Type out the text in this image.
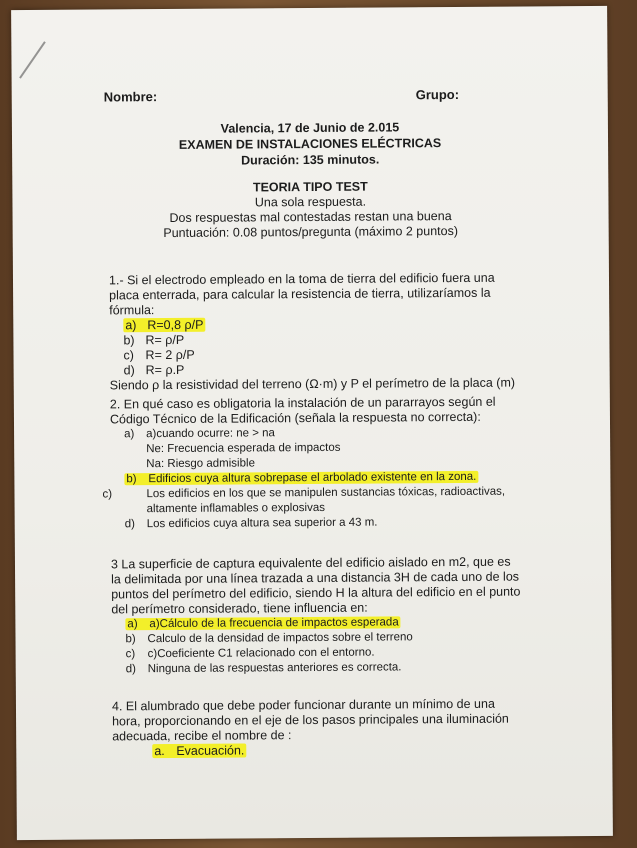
Nombre:	Grupo:
Valencia, 17 de Junio de 2.015
EXAMEN DE INSTALACIONES ELÉCTRICAS
Duración: 135 minutos.
TEORIA TIPO TEST
Una sola respuesta.
Dos respuestas mal contestadas restan una buena
Puntuación: 0.08 puntos/pregunta (máximo 2 puntos)

1.- Si el electrodo empleado en la toma de tierra del edificio fuera una placa enterrada, para calcular la resistencia de tierra, utilizaríamos la fórmula:

a) R=0,8 ρ/P
b) R= ρ/P
c) R= 2 ρ/P
d) R= ρ.P

Siendo ρ la resistividad del terreno (Ω·m) y P el perímetro de la placa (m)

2. En qué caso es obligatoria la instalación de un pararrayos según el Código Técnico de la Edificación (señala la respuesta no correcta):

a) a)cuando ocurre: ne > na
Ne: Frecuencia esperada de impactos
Na: Riesgo admisible
b) Edificios cuya altura sobrepase el arbolado existente en la zona.
c)	Los edificios en los que se manipulen sustancias tóxicas, radioactivas, altamente inflamables o explosivas
d) Los edificios cuya altura sea superior a 43 m.

3 La superficie de captura equivalente del edificio aislado en m2, que es la delimitada por una línea trazada a una distancia 3H de cada uno de los puntos del perímetro del edificio, siendo H la altura del edificio en el punto del perímetro considerado, tiene influencia en:

a) a)Cálculo de la frecuencia de impactos esperada
b) Calculo de la densidad de impactos sobre el terreno
c) c)Coeficiente C1 relacionado con el entorno.
d) Ninguna de las respuestas anteriores es correcta.

4. El alumbrado que debe poder funcionar durante un mínimo de una hora, proporcionando en el eje de los pasos principales una iluminación adecuada, recibe el nombre de :

a. Evacuación.
